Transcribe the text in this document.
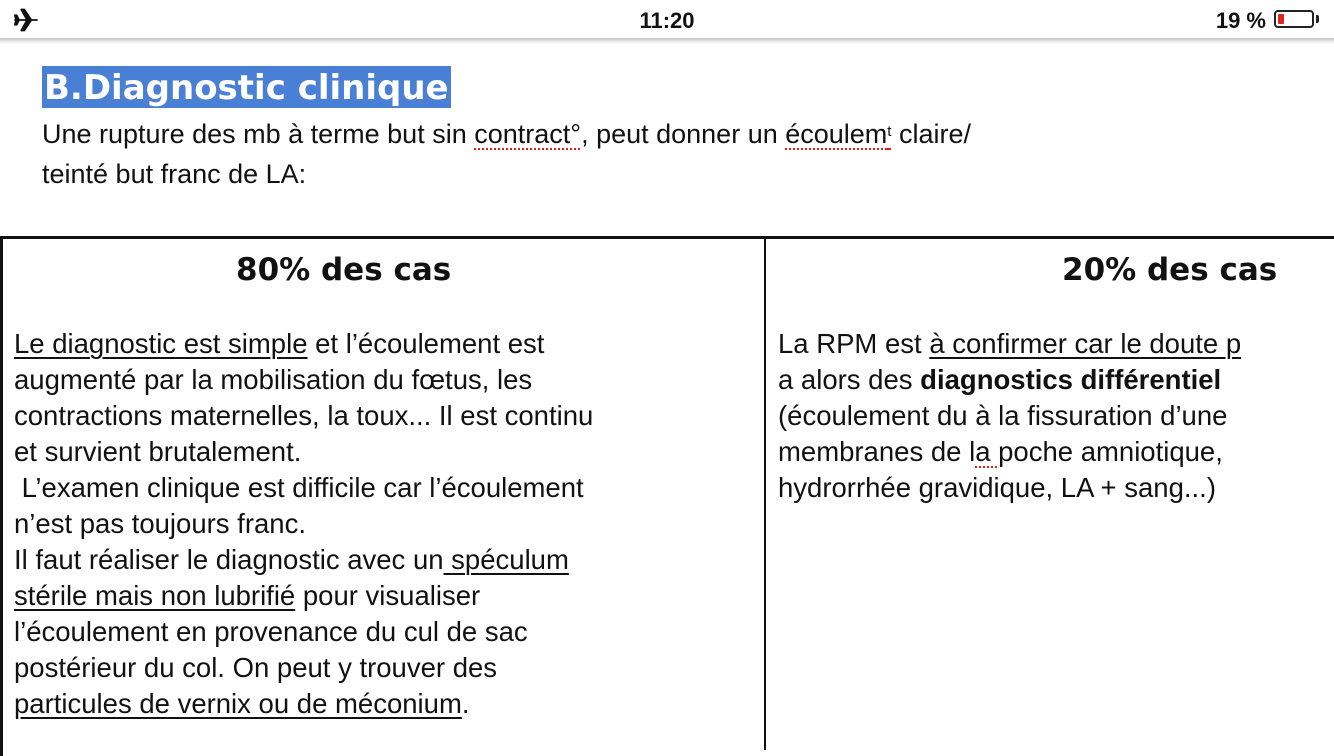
11:20	19 %
B.Diagnostic clinique
Une rupture des mb à terme but sin contract°, peut donner un écoulem$^t$ claire/
teinté but franc de LA:
80% des cas	20% des cas
Le diagnostic est simple et l’écoulement est
augmenté par la mobilisation du fœtus, les
contractions maternelles, la toux... Il est continu
et survient brutalement.
L’examen clinique est difficile car l’écoulement
n’est pas toujours franc.
Il faut réaliser le diagnostic avec un spéculum
stérile mais non lubrifié pour visualiser
l’écoulement en provenance du cul de sac
postérieur du col. On peut y trouver des
particules de vernix ou de méconium.
La RPM est à confirmer car le doute p
a alors des diagnostics différentiel
(écoulement du à la fissuration d’une
membranes de la poche amniotique,
hydrorrhée gravidique, LA + sang...)
